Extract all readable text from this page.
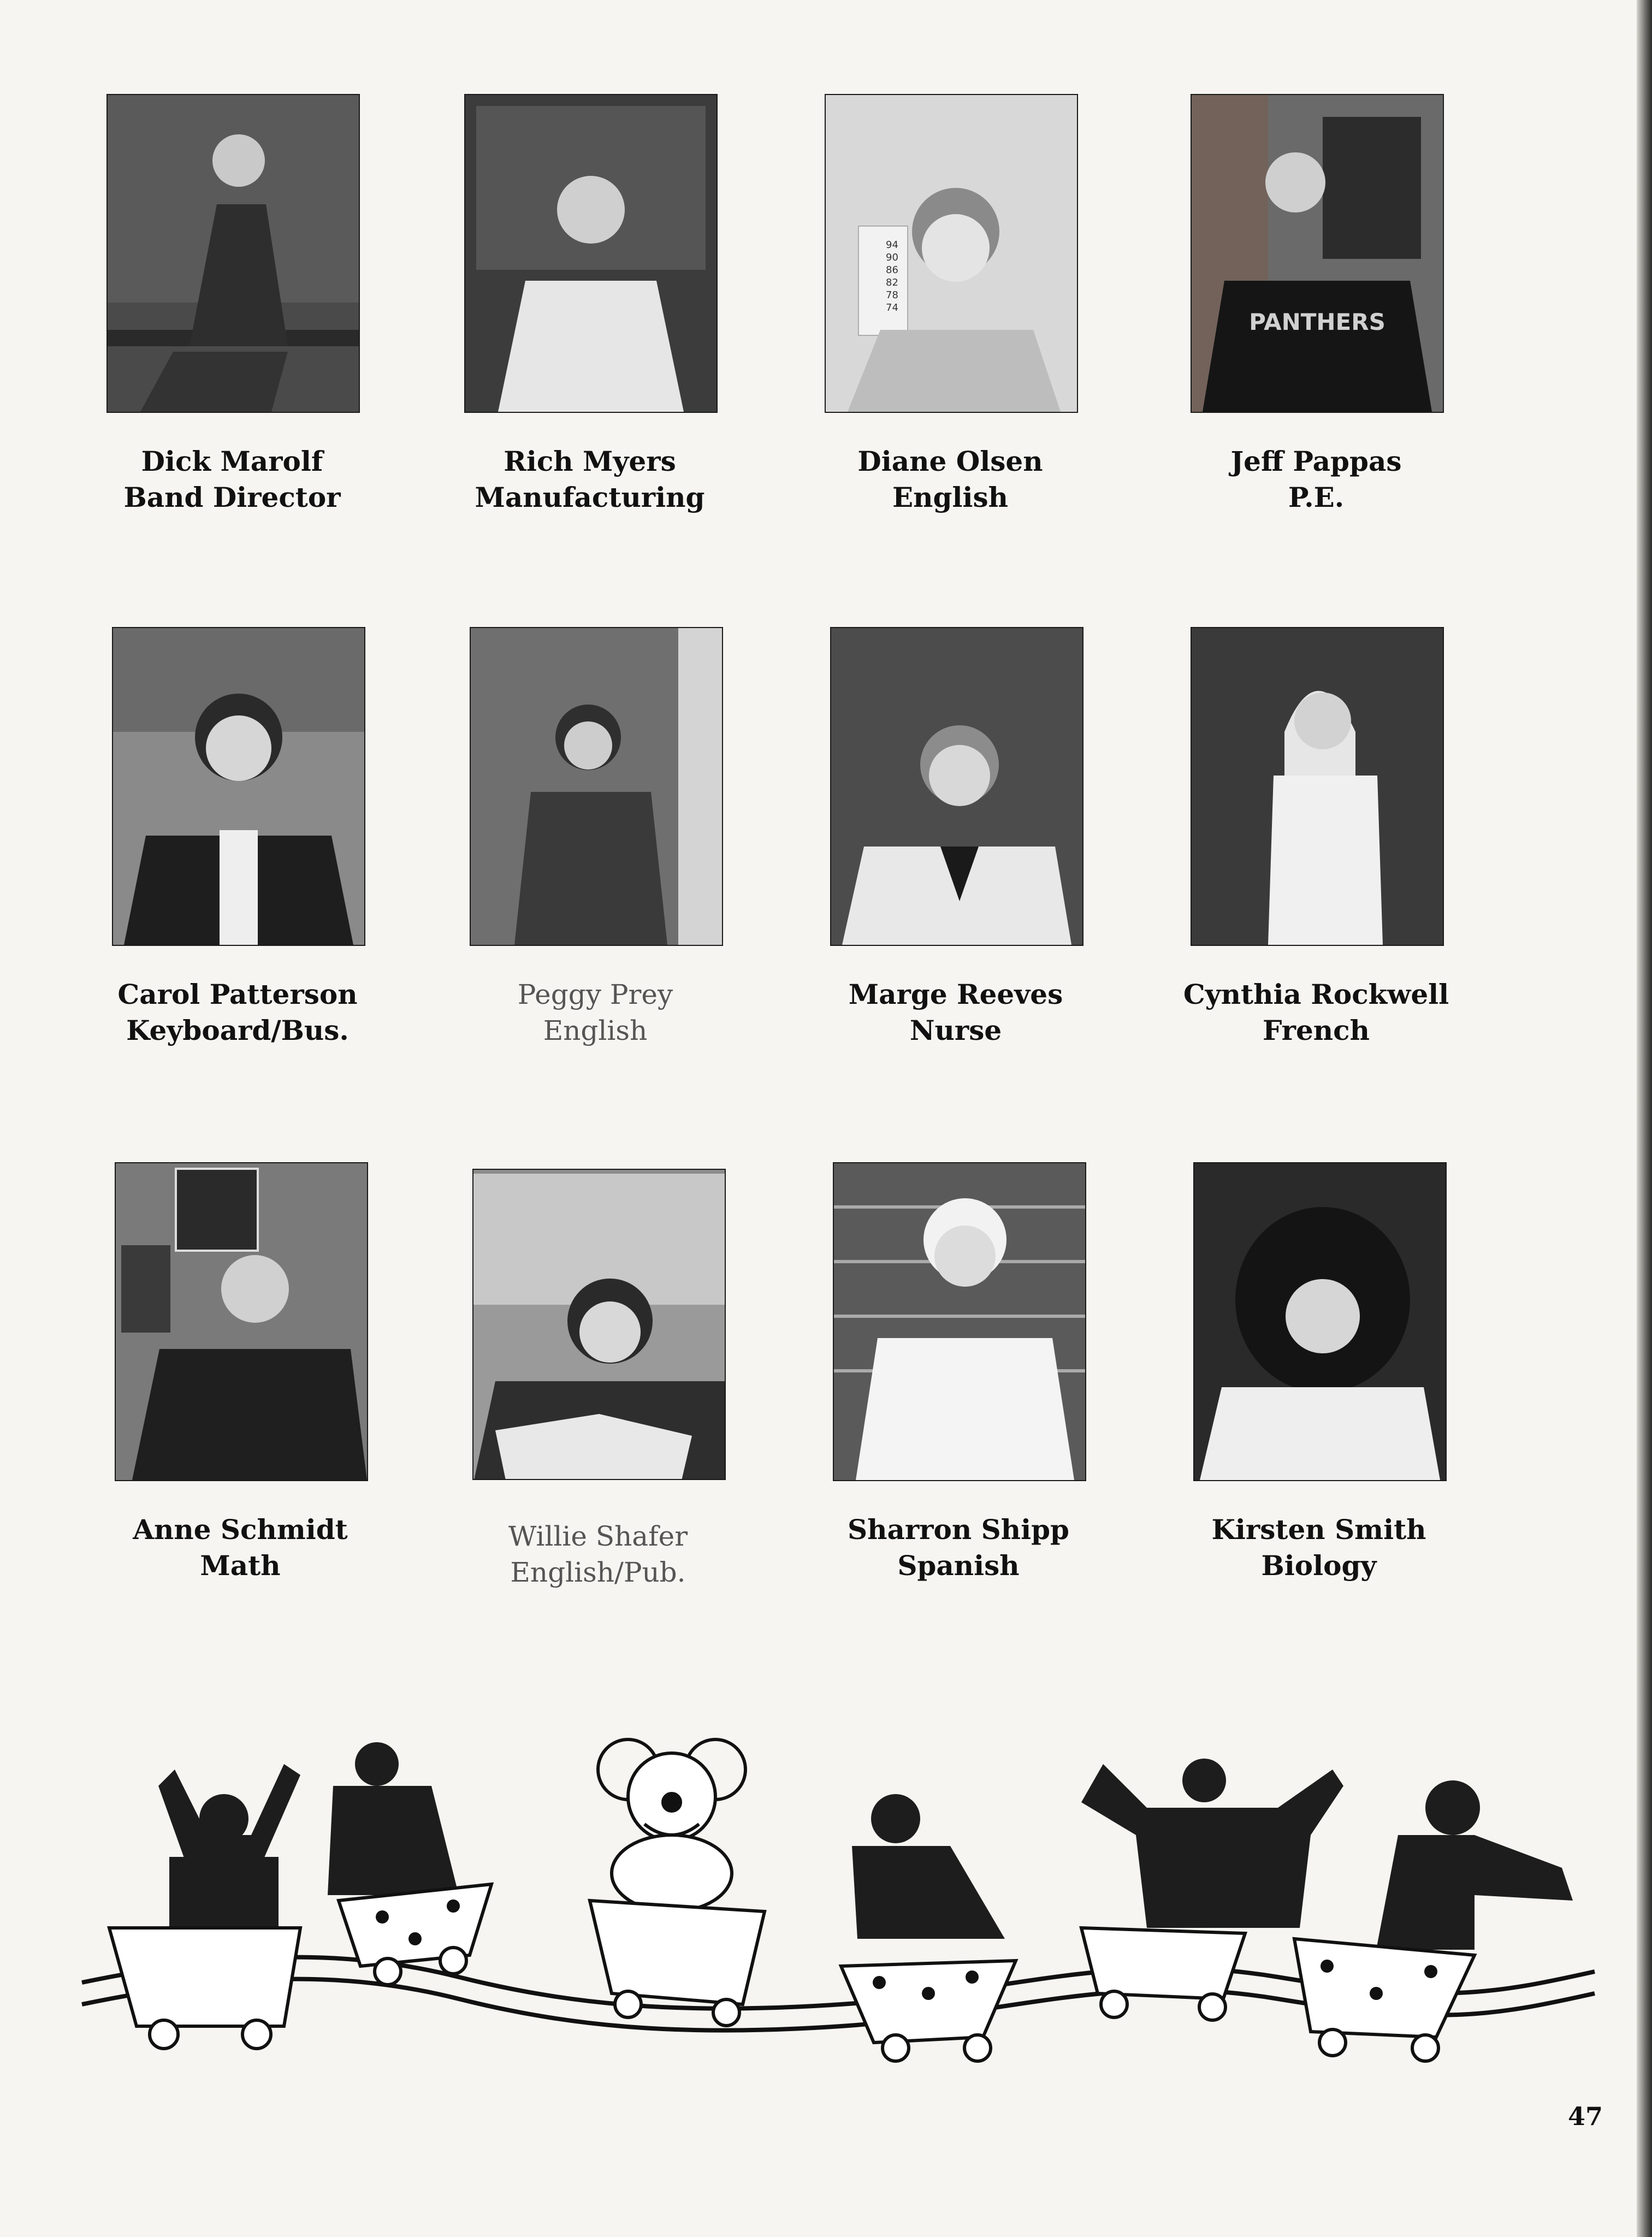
Dick Marolf
Band Director
Rich Myers
Manufacturing
94
90
86
82
78
74
Diane Olsen
English
PANTHERS
Jeff Pappas
P.E.
Carol Patterson
Keyboard/Bus.
Peggy Prey
English
Marge Reeves
Nurse
Cynthia Rockwell
French
Anne Schmidt
Math
Willie Shafer
English/Pub.
Sharron Shipp
Spanish
Kirsten Smith
Biology
47
